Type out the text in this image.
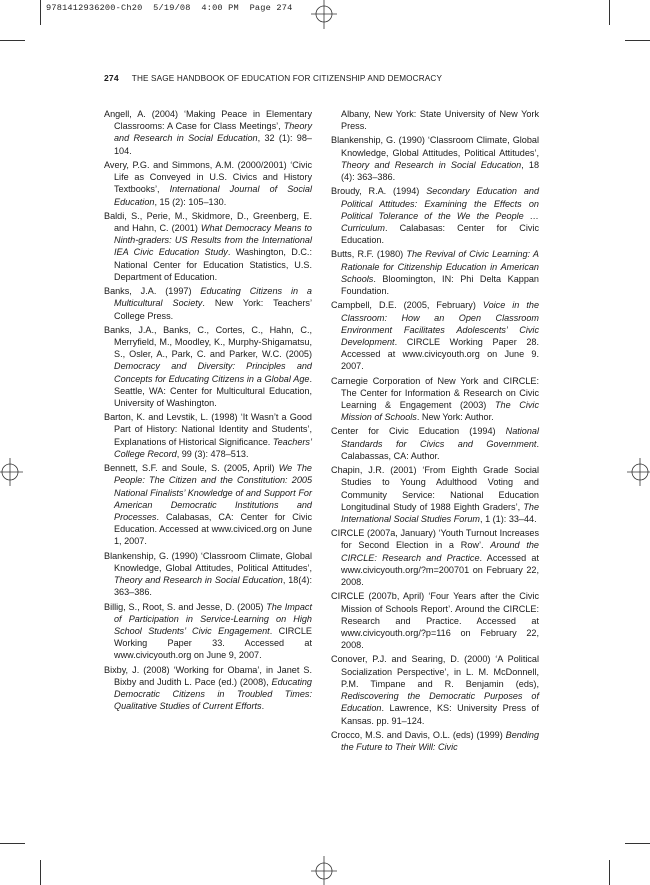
9781412936200-Ch20  5/19/08  4:00 PM  Page 274
274 THE SAGE HANDBOOK OF EDUCATION FOR CITIZENSHIP AND DEMOCRACY

Angell, A. (2004) ‘Making Peace in Elementary Classrooms: A Case for Class Meetings’, Theory and Research in Social Education, 32 (1): 98–104.

Avery, P.G. and Simmons, A.M. (2000/2001) ‘Civic Life as Conveyed in U.S. Civics and History Textbooks’, International Journal of Social Education, 15 (2): 105–130.

Baldi, S., Perie, M., Skidmore, D., Greenberg, E. and Hahn, C. (2001) What Democracy Means to Ninth-graders: US Results from the International IEA Civic Education Study. Washington, D.C.: National Center for Education Statistics, U.S. Department of Education.

Banks, J.A. (1997) Educating Citizens in a Multicultural Society. New York: Teachers’ College Press.

Banks, J.A., Banks, C., Cortes, C., Hahn, C., Merryfield, M., Moodley, K., Murphy-Shigamatsu, S., Osler, A., Park, C. and Parker, W.C. (2005) Democracy and Diversity: Principles and Concepts for Educating Citizens in a Global Age. Seattle, WA: Center for Multicultural Education, University of Washington.

Barton, K. and Levstik, L. (1998) ‘It Wasn’t a Good Part of History: National Identity and Students’, Explanations of Historical Significance. Teachers’ College Record, 99 (3): 478–513.

Bennett, S.F. and Soule, S. (2005, April) We The People: The Citizen and the Constitution: 2005 National Finalists’ Knowledge of and Support For American Democratic Institutions and Processes. Calabasas, CA: Center for Civic Education. Accessed at www.civiced.org on June 1, 2007.

Blankenship, G. (1990) ‘Classroom Climate, Global Knowledge, Global Attitudes, Political Attitudes’, Theory and Research in Social Education, 18(4): 363–386.

Billig, S., Root, S. and Jesse, D. (2005) The Impact of Participation in Service-Learning on High School Students’ Civic Engagement. CIRCLE Working Paper 33. Accessed at www.civicyouth.org on June 9, 2007.

Bixby, J. (2008) ‘Working for Obama’, in Janet S. Bixby and Judith L. Pace (ed.) (2008), Educating Democratic Citizens in Troubled Times: Qualitative Studies of Current Efforts.

Albany, New York: State University of New York Press.

Blankenship, G. (1990) ‘Classroom Climate, Global Knowledge, Global Attitudes, Political Attitudes’, Theory and Research in Social Education, 18 (4): 363–386.

Broudy, R.A. (1994) Secondary Education and Political Attitudes: Examining the Effects on Political Tolerance of the We the People … Curriculum. Calabasas: Center for Civic Education.

Butts, R.F. (1980) The Revival of Civic Learning: A Rationale for Citizenship Education in American Schools. Bloomington, IN: Phi Delta Kappan Foundation.

Campbell, D.E. (2005, February) Voice in the Classroom: How an Open Classroom Environment Facilitates Adolescents’ Civic Development. CIRCLE Working Paper 28. Accessed at www.civicyouth.org on June 9. 2007.

Carnegie Corporation of New York and CIRCLE: The Center for Information & Research on Civic Learning & Engagement (2003) The Civic Mission of Schools. New York: Author.

Center for Civic Education (1994) National Standards for Civics and Government. Calabassas, CA: Author.

Chapin, J.R. (2001) ‘From Eighth Grade Social Studies to Young Adulthood Voting and Community Service: National Education Longitudinal Study of 1988 Eighth Graders’, The International Social Studies Forum, 1 (1): 33–44.

CIRCLE (2007a, January) ‘Youth Turnout Increases for Second Election in a Row’. Around the CIRCLE: Research and Practice. Accessed at www.civicyouth.org/?m=200701 on February 22, 2008.

CIRCLE (2007b, April) ‘Four Years after the Civic Mission of Schools Report’. Around the CIRCLE: Research and Practice. Accessed at www.civicyouth.org/?p=116 on February 22, 2008.

Conover, P.J. and Searing, D. (2000) ‘A Political Socialization Perspective’, in L. M. McDonnell, P.M. Timpane and R. Benjamin (eds), Rediscovering the Democratic Purposes of Education. Lawrence, KS: University Press of Kansas. pp. 91–124.

Crocco, M.S. and Davis, O.L. (eds) (1999) Bending the Future to Their Will: Civic
